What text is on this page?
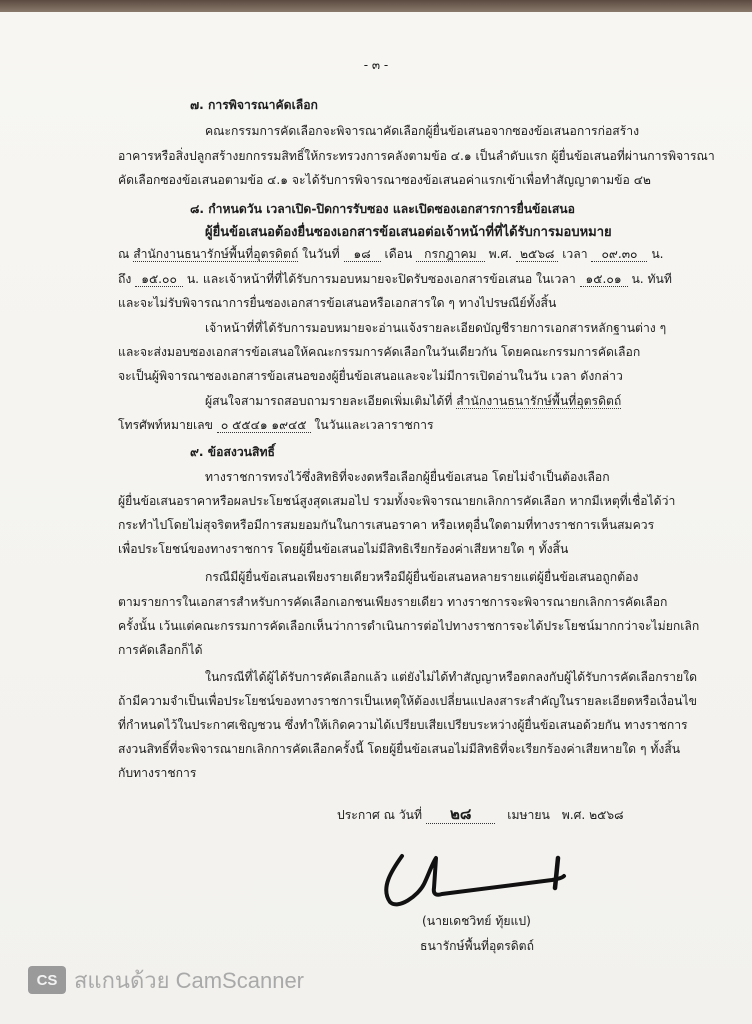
- ๓ -
๗. การพิจารณาคัดเลือก
คณะกรรมการคัดเลือกจะพิจารณาคัดเลือกผู้ยื่นข้อเสนอจากซองข้อเสนอการก่อสร้าง
อาคารหรือสิ่งปลูกสร้างยกกรรมสิทธิ์ให้กระทรวงการคลังตามข้อ ๔.๑ เป็นลำดับแรก ผู้ยื่นข้อเสนอที่ผ่านการพิจารณา
คัดเลือกซองข้อเสนอตามข้อ ๔.๑ จะได้รับการพิจารณาซองข้อเสนอค่าแรกเข้าเพื่อทำสัญญาตามข้อ ๔๒
๘. กำหนดวัน เวลาเปิด-ปิดการรับซอง และเปิดซองเอกสารการยื่นข้อเสนอ
ผู้ยื่นข้อเสนอต้องยื่นซองเอกสารข้อเสนอต่อเจ้าหน้าที่ที่ได้รับการมอบหมาย
ณ สำนักงานธนารักษ์พื้นที่อุตรดิตถ์ ในวันที่ ๑๘ เดือน กรกฎาคม พ.ศ. ๒๕๖๘ เวลา ๐๙.๓๐ น.
ถึง ๑๕.๐๐ น. และเจ้าหน้าที่ที่ได้รับการมอบหมายจะปิดรับซองเอกสารข้อเสนอ ในเวลา ๑๕.๐๑ น. ทันที
และจะไม่รับพิจารณาการยื่นซองเอกสารข้อเสนอหรือเอกสารใด ๆ ทางไปรษณีย์ทั้งสิ้น
เจ้าหน้าที่ที่ได้รับการมอบหมายจะอ่านแจ้งรายละเอียดบัญชีรายการเอกสารหลักฐานต่าง ๆ
และจะส่งมอบซองเอกสารข้อเสนอให้คณะกรรมการคัดเลือกในวันเดียวกัน โดยคณะกรรมการคัดเลือก
จะเป็นผู้พิจารณาซองเอกสารข้อเสนอของผู้ยื่นข้อเสนอและจะไม่มีการเปิดอ่านในวัน เวลา ดังกล่าว
ผู้สนใจสามารถสอบถามรายละเอียดเพิ่มเติมได้ที่ สำนักงานธนารักษ์พื้นที่อุตรดิตถ์
โทรศัพท์หมายเลข ๐ ๕๕๔๑ ๑๙๔๕ ในวันและเวลาราชการ
๙. ข้อสงวนสิทธิ์
ทางราชการทรงไว้ซึ่งสิทธิที่จะงดหรือเลือกผู้ยื่นข้อเสนอ โดยไม่จำเป็นต้องเลือก
ผู้ยื่นข้อเสนอราคาหรือผลประโยชน์สูงสุดเสมอไป รวมทั้งจะพิจารณายกเลิกการคัดเลือก หากมีเหตุที่เชื่อได้ว่า
กระทำไปโดยไม่สุจริตหรือมีการสมยอมกันในการเสนอราคา หรือเหตุอื่นใดตามที่ทางราชการเห็นสมควร
เพื่อประโยชน์ของทางราชการ โดยผู้ยื่นข้อเสนอไม่มีสิทธิเรียกร้องค่าเสียหายใด ๆ ทั้งสิ้น
กรณีมีผู้ยื่นข้อเสนอเพียงรายเดียวหรือมีผู้ยื่นข้อเสนอหลายรายแต่ผู้ยื่นข้อเสนอถูกต้อง
ตามรายการในเอกสารสำหรับการคัดเลือกเอกชนเพียงรายเดียว ทางราชการจะพิจารณายกเลิกการคัดเลือก
ครั้งนั้น เว้นแต่คณะกรรมการคัดเลือกเห็นว่าการดำเนินการต่อไปทางราชการจะได้ประโยชน์มากกว่าจะไม่ยกเลิก
การคัดเลือกก็ได้
ในกรณีที่ได้ผู้ได้รับการคัดเลือกแล้ว แต่ยังไม่ได้ทำสัญญาหรือตกลงกับผู้ได้รับการคัดเลือกรายใด
ถ้ามีความจำเป็นเพื่อประโยชน์ของทางราชการเป็นเหตุให้ต้องเปลี่ยนแปลงสาระสำคัญในรายละเอียดหรือเงื่อนไข
ที่กำหนดไว้ในประกาศเชิญชวน ซึ่งทำให้เกิดความได้เปรียบเสียเปรียบระหว่างผู้ยื่นข้อเสนอด้วยกัน ทางราชการ
สงวนสิทธิ์ที่จะพิจารณายกเลิกการคัดเลือกครั้งนี้ โดยผู้ยื่นข้อเสนอไม่มีสิทธิที่จะเรียกร้องค่าเสียหายใด ๆ ทั้งสิ้น
กับทางราชการ
ประกาศ ณ วันที่ ๒๘	เมษายน พ.ศ. ๒๕๖๘
(นายเดชวิทย์ ทุ้ยแป)
ธนารักษ์พื้นที่อุตรดิตถ์
CS สแกนด้วย CamScanner
